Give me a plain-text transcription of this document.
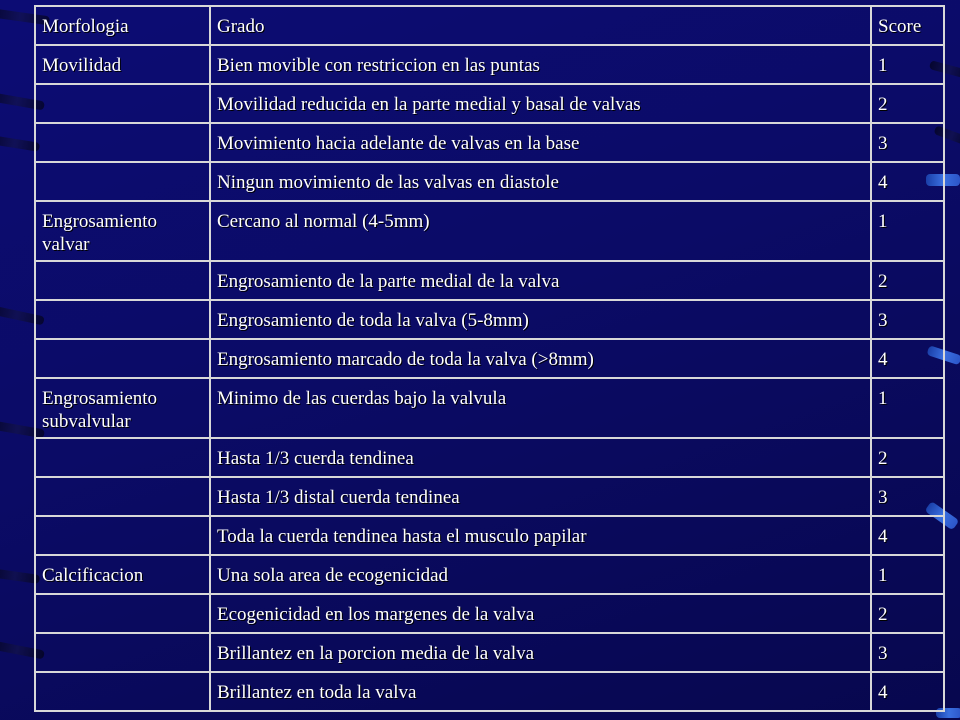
Morfologia	Grado	Score
Movilidad	Bien movible con restriccion en las puntas	1
	Movilidad reducida en la parte medial y basal de valvas	2
	Movimiento hacia adelante de valvas en la base	3
	Ningun movimiento de las valvas en diastole	4
Engrosamiento valvar	Cercano al normal (4-5mm)	1
	Engrosamiento de la parte medial de la valva	2
	Engrosamiento de toda la valva (5-8mm)	3
	Engrosamiento marcado de toda la valva (>8mm)	4
Engrosamiento subvalvular	Minimo de las cuerdas bajo la valvula	1
	Hasta 1/3 cuerda tendinea	2
	Hasta 1/3 distal cuerda tendinea	3
	Toda la cuerda tendinea hasta el musculo papilar	4
Calcificacion	Una sola area de ecogenicidad	1
	Ecogenicidad en los margenes de la valva	2
	Brillantez en la porcion media de la valva	3
	Brillantez en toda la valva	4
